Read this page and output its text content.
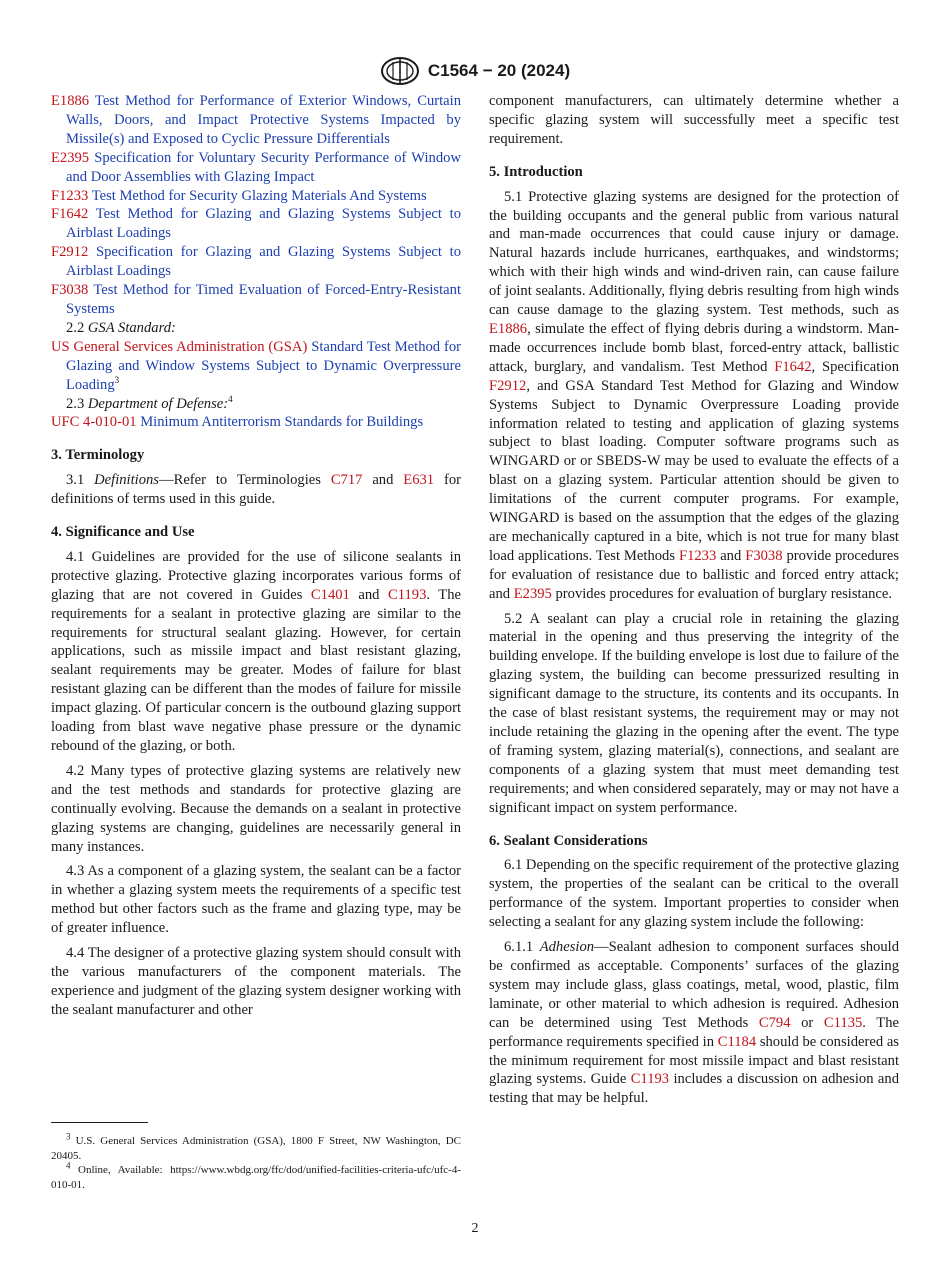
C1564 − 20 (2024)
E1886 Test Method for Performance of Exterior Windows, Curtain Walls, Doors, and Impact Protective Systems Impacted by Missile(s) and Exposed to Cyclic Pressure Differentials
E2395 Specification for Voluntary Security Performance of Window and Door Assemblies with Glazing Impact
F1233 Test Method for Security Glazing Materials And Systems
F1642 Test Method for Glazing and Glazing Systems Subject to Airblast Loadings
F2912 Specification for Glazing and Glazing Systems Subject to Airblast Loadings
F3038 Test Method for Timed Evaluation of Forced-Entry-Resistant Systems
2.2 GSA Standard:
US General Services Administration (GSA) Standard Test Method for Glazing and Window Systems Subject to Dynamic Overpressure Loading$^3$
2.3 Department of Defense:$^4$
UFC 4-010-01 Minimum Antiterrorism Standards for Buildings
3. Terminology

3.1 Definitions—Refer to Terminologies C717 and E631 for definitions of terms used in this guide.

4. Significance and Use

4.1 Guidelines are provided for the use of silicone sealants in protective glazing. Protective glazing incorporates various forms of glazing that are not covered in Guides C1401 and C1193. The requirements for a sealant in protective glazing are similar to the requirements for structural sealant glazing. However, for certain applications, such as missile impact and blast resistant glazing, sealant requirements may be greater. Modes of failure for blast resistant glazing can be different than the modes of failure for missile impact glazing. Of particular concern is the outbound glazing support loading from blast wave negative phase pressure or the dynamic rebound of the glazing, or both.

4.2 Many types of protective glazing systems are relatively new and the test methods and standards for protective glazing are continually evolving. Because the demands on a sealant in protective glazing systems are changing, guidelines are necessarily general in many instances.

4.3 As a component of a glazing system, the sealant can be a factor in whether a glazing system meets the requirements of a specific test method but other factors such as the frame and glazing type, may be of greater influence.

4.4 The designer of a protective glazing system should consult with the various manufacturers of the component materials. The experience and judgment of the glazing system designer working with the sealant manufacturer and other

component manufacturers, can ultimately determine whether a specific glazing system will successfully meet a specific test requirement.

5. Introduction

5.1 Protective glazing systems are designed for the protection of the building occupants and the general public from various natural and man-made occurrences that could cause injury or damage. Natural hazards include hurricanes, earthquakes, and windstorms; which with their high winds and wind-driven rain, can cause failure of joint sealants. Additionally, flying debris resulting from high winds can cause damage to the glazing system. Test methods, such as E1886, simulate the effect of flying debris during a windstorm. Man-made occurrences include bomb blast, forced-entry attack, ballistic attack, burglary, and vandalism. Test Method F1642, Specification F2912, and GSA Standard Test Method for Glazing and Window Systems Subject to Dynamic Overpressure Loading provide information related to testing and application of glazing systems subject to blast loading. Computer software programs such as WINGARD or or SBEDS-W may be used to evaluate the effects of a blast on a glazing system. Particular attention should be given to limitations of the current computer programs. For example, WINGARD is based on the assumption that the edges of the glazing are mechanically captured in a bite, which is not true for many blast load applications. Test Methods F1233 and F3038 provide procedures for evaluation of resistance due to ballistic and forced entry attack; and E2395 provides procedures for evaluation of burglary resistance.

5.2 A sealant can play a crucial role in retaining the glazing material in the opening and thus preserving the integrity of the building envelope. If the building envelope is lost due to failure of the glazing system, the building can become pressurized resulting in significant damage to the structure, its contents and its occupants. In the case of blast resistant systems, the requirement may or may not include retaining the glazing in the opening after the event. The type of framing system, glazing material(s), connections, and sealant are components of a glazing system that must meet demanding test requirements; and when considered separately, may or may not have a significant impact on system performance.

6. Sealant Considerations

6.1 Depending on the specific requirement of the protective glazing system, the properties of the sealant can be critical to the overall performance of the system. Important properties to consider when selecting a sealant for any glazing system include the following:

6.1.1 Adhesion—Sealant adhesion to component surfaces should be confirmed as acceptable. Components’ surfaces of the glazing system may include glass, glass coatings, metal, wood, plastic, film laminate, or other material to which adhesion is required. Adhesion can be determined using Test Methods C794 or C1135. The performance requirements specified in C1184 should be considered as the minimum requirement for most missile impact and blast resistant glazing systems. Guide C1193 includes a discussion on adhesion and testing that may be helpful.

$^3$ U.S. General Services Administration (GSA), 1800 F Street, NW Washington, DC 20405.
$^4$ Online, Available: https://www.wbdg.org/ffc/dod/unified-facilities-criteria-ufc/ufc-4-010-01.
2
